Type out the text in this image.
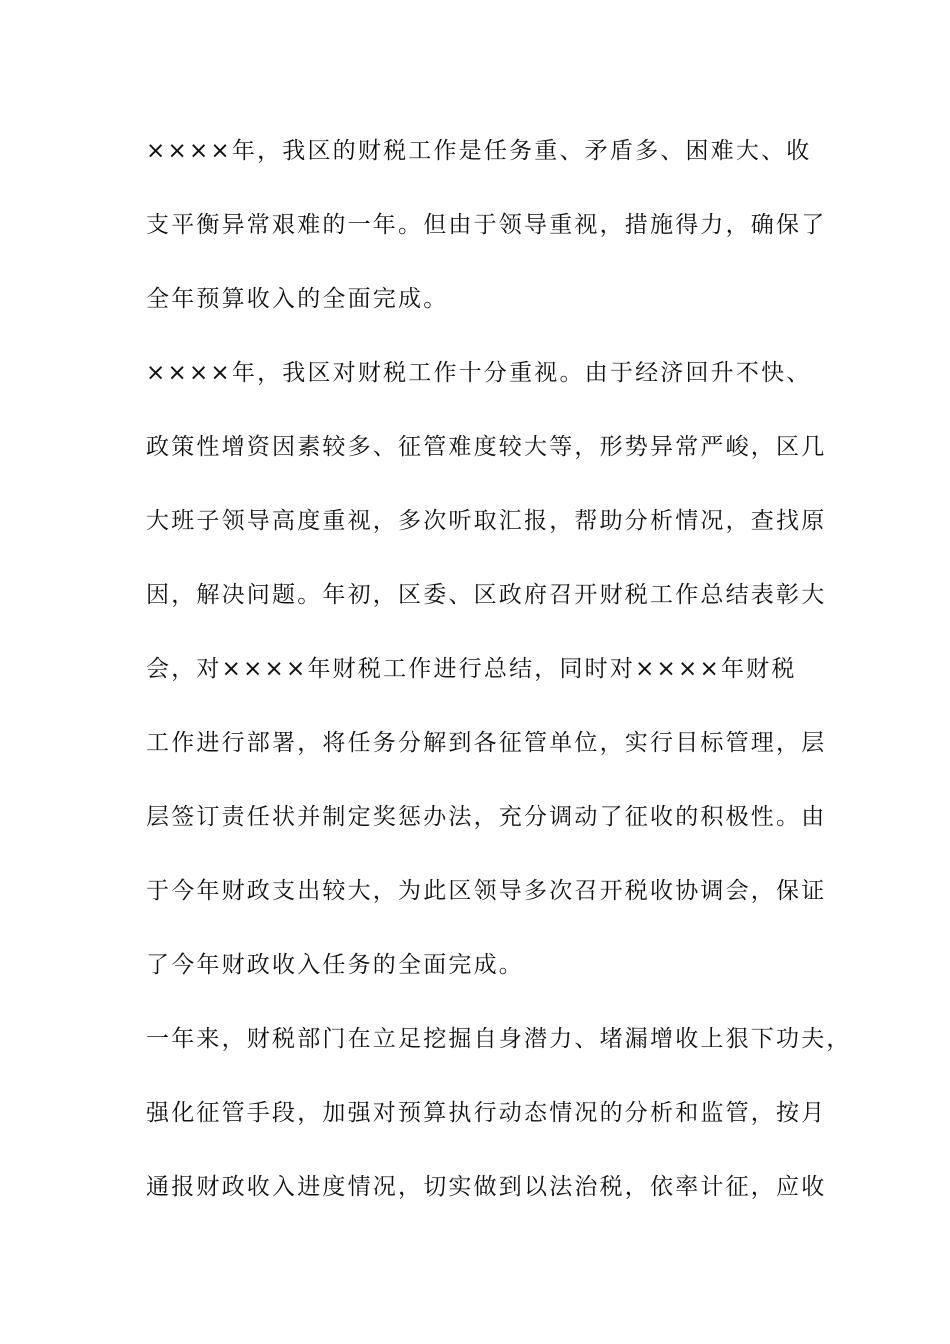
××××年，我区的财税工作是任务重、矛盾多、困难大、收
支平衡异常艰难的一年。但由于领导重视，措施得力，确保了
全年预算收入的全面完成。
××××年，我区对财税工作十分重视。由于经济回升不快、
政策性增资因素较多、征管难度较大等，形势异常严峻，区几
大班子领导高度重视，多次听取汇报，帮助分析情况，查找原
因，解决问题。年初，区委、区政府召开财税工作总结表彰大
会，对××××年财税工作进行总结，同时对××××年财税
工作进行部署，将任务分解到各征管单位，实行目标管理，层
层签订责任状并制定奖惩办法，充分调动了征收的积极性。由
于今年财政支出较大，为此区领导多次召开税收协调会，保证
了今年财政收入任务的全面完成。
一年来，财税部门在立足挖掘自身潜力、堵漏增收上狠下功夫，
强化征管手段，加强对预算执行动态情况的分析和监管，按月
通报财政收入进度情况，切实做到以法治税，依率计征，应收
